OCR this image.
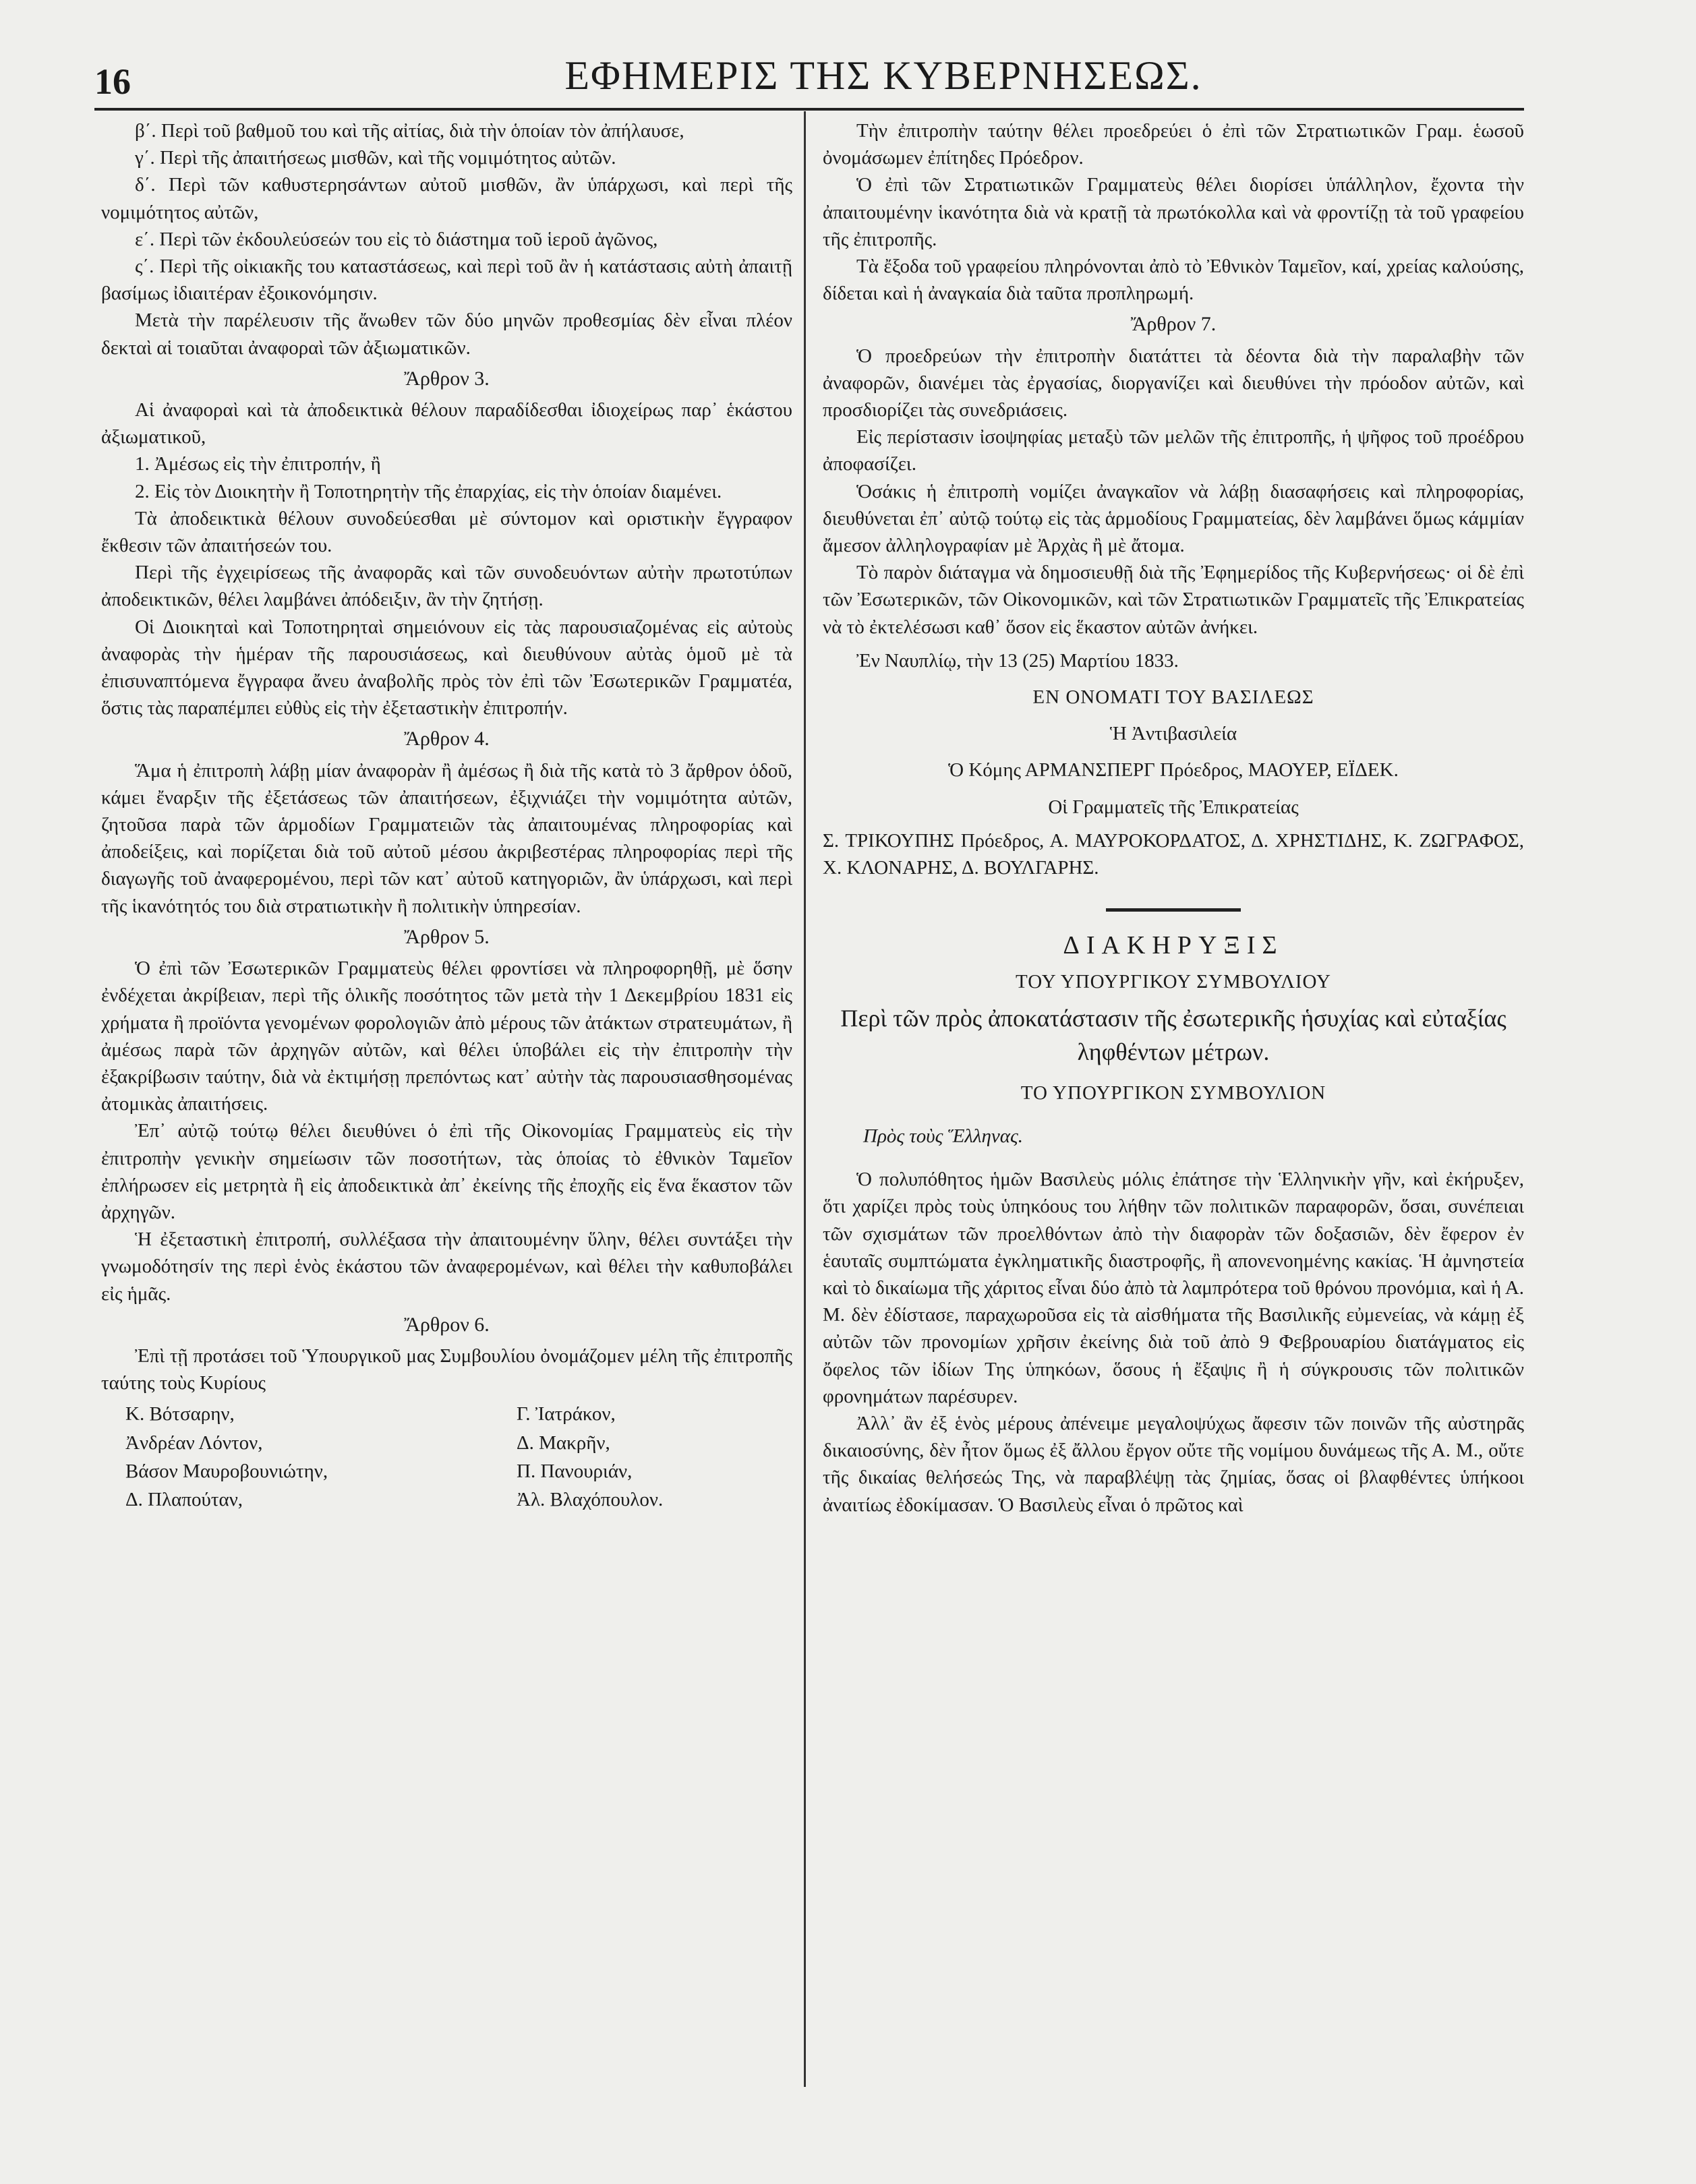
16	ΕΦΗΜΕΡΙΣ ΤΗΣ ΚΥΒΕΡΝΗΣΕΩΣ.

β΄. Περὶ τοῦ βαθμοῦ του καὶ τῆς αἰτίας, διὰ τὴν ὁποίαν τὸν ἀπήλαυσε,

γ΄. Περὶ τῆς ἀπαιτήσεως μισθῶν, καὶ τῆς νομιμότητος αὐτῶν.

δ΄. Περὶ τῶν καθυστερησάντων αὐτοῦ μισθῶν, ἂν ὑπάρχωσι, καὶ περὶ τῆς νομιμότητος αὐτῶν,

ε΄. Περὶ τῶν ἐκδουλεύσεών του εἰς τὸ διάστημα τοῦ ἱεροῦ ἀγῶνος,

ς΄. Περὶ τῆς οἰκιακῆς του καταστάσεως, καὶ περὶ τοῦ ἂν ἡ κατάστασις αὐτὴ ἀπαιτῇ βασίμως ἰδιαιτέραν ἐξοικονόμησιν.

Μετὰ τὴν παρέλευσιν τῆς ἄνωθεν τῶν δύο μηνῶν προθεσμίας δὲν εἶναι πλέον δεκταὶ αἱ τοιαῦται ἀναφοραὶ τῶν ἀξιωματικῶν.

Ἄρθρον 3.

Αἱ ἀναφοραὶ καὶ τὰ ἀποδεικτικὰ θέλουν παραδίδεσθαι ἰδιοχείρως παρ᾽ ἑκάστου ἀξιωματικοῦ,

1. Ἀμέσως εἰς τὴν ἐπιτροπήν, ἢ

2. Εἰς τὸν Διοικητὴν ἢ Τοποτηρητὴν τῆς ἐπαρχίας, εἰς τὴν ὁποίαν διαμένει.

Τὰ ἀποδεικτικὰ θέλουν συνοδεύεσθαι μὲ σύντομον καὶ οριστικὴν ἔγγραφον ἔκθεσιν τῶν ἀπαιτήσεών του.

Περὶ τῆς ἐγχειρίσεως τῆς ἀναφορᾶς καὶ τῶν συνοδευόντων αὐτὴν πρωτοτύπων ἀποδεικτικῶν, θέλει λαμβάνει ἀπόδειξιν, ἂν τὴν ζητήσῃ.

Οἱ Διοικηταὶ καὶ Τοποτηρηταὶ σημειόνουν εἰς τὰς παρουσιαζομένας εἰς αὐτοὺς ἀναφορὰς τὴν ἡμέραν τῆς παρουσιάσεως, καὶ διευθύνουν αὐτὰς ὁμοῦ μὲ τὰ ἐπισυναπτόμενα ἔγγραφα ἄνευ ἀναβολῆς πρὸς τὸν ἐπὶ τῶν Ἐσωτερικῶν Γραμματέα, ὅστις τὰς παραπέμπει εὐθὺς εἰς τὴν ἐξεταστικὴν ἐπιτροπήν.

Ἄρθρον 4.

Ἅμα ἡ ἐπιτροπὴ λάβῃ μίαν ἀναφορὰν ἢ ἀμέσως ἢ διὰ τῆς κατὰ τὸ 3 ἄρθρον ὁδοῦ, κάμει ἔναρξιν τῆς ἐξετάσεως τῶν ἀπαιτήσεων, ἐξιχνιάζει τὴν νομιμότητα αὐτῶν, ζητοῦσα παρὰ τῶν ἁρμοδίων Γραμματειῶν τὰς ἀπαιτουμένας πληροφορίας καὶ ἀποδείξεις, καὶ πορίζεται διὰ τοῦ αὐτοῦ μέσου ἀκριβεστέρας πληροφορίας περὶ τῆς διαγωγῆς τοῦ ἀναφερομένου, περὶ τῶν κατ᾽ αὐτοῦ κατηγοριῶν, ἂν ὑπάρχωσι, καὶ περὶ τῆς ἱκανότητός του διὰ στρατιωτικὴν ἢ πολιτικὴν ὑπηρεσίαν.

Ἄρθρον 5.

Ὁ ἐπὶ τῶν Ἐσωτερικῶν Γραμματεὺς θέλει φροντίσει νὰ πληροφορηθῇ, μὲ ὅσην ἐνδέχεται ἀκρίβειαν, περὶ τῆς ὁλικῆς ποσότητος τῶν μετὰ τὴν 1 Δεκεμβρίου 1831 εἰς χρήματα ἢ προϊόντα γενομένων φορολογιῶν ἀπὸ μέρους τῶν ἀτάκτων στρατευμάτων, ἢ ἀμέσως παρὰ τῶν ἀρχηγῶν αὐτῶν, καὶ θέλει ὑποβάλει εἰς τὴν ἐπιτροπὴν τὴν ἐξακρίβωσιν ταύτην, διὰ νὰ ἐκτιμήσῃ πρεπόντως κατ᾽ αὐτὴν τὰς παρουσιασθησομένας ἀτομικὰς ἀπαιτήσεις.

Ἐπ᾽ αὐτῷ τούτῳ θέλει διευθύνει ὁ ἐπὶ τῆς Οἰκονομίας Γραμματεὺς εἰς τὴν ἐπιτροπὴν γενικὴν σημείωσιν τῶν ποσοτήτων, τὰς ὁποίας τὸ ἐθνικὸν Ταμεῖον ἐπλήρωσεν εἰς μετρητὰ ἢ εἰς ἀποδεικτικὰ ἀπ᾽ ἐκείνης τῆς ἐποχῆς εἰς ἕνα ἕκαστον τῶν ἀρχηγῶν.

Ἡ ἐξεταστικὴ ἐπιτροπή, συλλέξασα τὴν ἀπαιτουμένην ὕλην, θέλει συντάξει τὴν γνωμοδότησίν της περὶ ἑνὸς ἑκάστου τῶν ἀναφερομένων, καὶ θέλει τὴν καθυποβάλει εἰς ἡμᾶς.

Ἄρθρον 6.

Ἐπὶ τῇ προτάσει τοῦ Ὑπουργικοῦ μας Συμβουλίου ὀνομάζομεν μέλη τῆς ἐπιτροπῆς ταύτης τοὺς Κυρίους

Κ. Βότσαρην,	Γ. Ἰατράκον,
Ἀνδρέαν Λόντον,	Δ. Μακρῆν,
Βάσον Μαυροβουνιώτην,	Π. Πανουριάν,
Δ. Πλαπούταν,	Ἀλ. Βλαχόπουλον.

Τὴν ἐπιτροπὴν ταύτην θέλει προεδρεύει ὁ ἐπὶ τῶν Στρατιωτικῶν Γραμ. ἑωσοῦ ὀνομάσωμεν ἐπίτηδες Πρόεδρον.

Ὁ ἐπὶ τῶν Στρατιωτικῶν Γραμματεὺς θέλει διορίσει ὑπάλληλον, ἔχοντα τὴν ἀπαιτουμένην ἱκανότητα διὰ νὰ κρατῇ τὰ πρωτόκολλα καὶ νὰ φροντίζῃ τὰ τοῦ γραφείου τῆς ἐπιτροπῆς.

Τὰ ἔξοδα τοῦ γραφείου πληρόνονται ἀπὸ τὸ Ἐθνικὸν Ταμεῖον, καί, χρείας καλούσης, δίδεται καὶ ἡ ἀναγκαία διὰ ταῦτα προπληρωμή.

Ἄρθρον 7.

Ὁ προεδρεύων τὴν ἐπιτροπὴν διατάττει τὰ δέοντα διὰ τὴν παραλαβὴν τῶν ἀναφορῶν, διανέμει τὰς ἐργασίας, διοργανίζει καὶ διευθύνει τὴν πρόοδον αὐτῶν, καὶ προσδιορίζει τὰς συνεδριάσεις.

Εἰς περίστασιν ἰσοψηφίας μεταξὺ τῶν μελῶν τῆς ἐπιτροπῆς, ἡ ψῆφος τοῦ προέδρου ἀποφασίζει.

Ὁσάκις ἡ ἐπιτροπὴ νομίζει ἀναγκαῖον νὰ λάβῃ διασαφήσεις καὶ πληροφορίας, διευθύνεται ἐπ᾽ αὐτῷ τούτῳ εἰς τὰς ἁρμοδίους Γραμματείας, δὲν λαμβάνει ὅμως κάμμίαν ἄμεσον ἀλληλογραφίαν μὲ Ἀρχὰς ἢ μὲ ἄτομα.

Τὸ παρὸν διάταγμα νὰ δημοσιευθῇ διὰ τῆς Ἐφημερίδος τῆς Κυβερνήσεως· οἱ δὲ ἐπὶ τῶν Ἐσωτερικῶν, τῶν Οἰκονομικῶν, καὶ τῶν Στρατιωτικῶν Γραμματεῖς τῆς Ἐπικρατείας νὰ τὸ ἐκτελέσωσι καθ᾽ ὅσον εἰς ἕκαστον αὐτῶν ἀνήκει.

Ἐν Ναυπλίῳ, τὴν 13 (25) Μαρτίου 1833.

ΕΝ ΟΝΟΜΑΤΙ ΤΟΥ ΒΑΣΙΛΕΩΣ
Ἡ Ἀντιβασιλεία
Ὁ Κόμης ΑΡΜΑΝΣΠΕΡΓ Πρόεδρος, ΜΑΟΥΕΡ, ΕΪΔΕΚ.
Οἱ Γραμματεῖς τῆς Ἐπικρατείας

Σ. ΤΡΙΚΟΥΠΗΣ Πρόεδρος, Α. ΜΑΥΡΟΚΟΡΔΑΤΟΣ, Δ. ΧΡΗΣΤΙΔΗΣ, Κ. ΖΩΓΡΑΦΟΣ, Χ. ΚΛΟΝΑΡΗΣ, Δ. ΒΟΥΛΓΑΡΗΣ.

ΔΙΑΚΗΡΥΞΙΣ
ΤΟΥ ΥΠΟΥΡΓΙΚΟΥ ΣΥΜΒΟΥΛΙΟΥ
Περὶ τῶν πρὸς ἀποκατάστασιν τῆς ἐσωτερικῆς ἡσυχίας καὶ εὐταξίας ληφθέντων μέτρων.
ΤΟ ΥΠΟΥΡΓΙΚΟΝ ΣΥΜΒΟΥΛΙΟΝ

Πρὸς τοὺς Ἕλληνας.

Ὁ πολυπόθητος ἡμῶν Βασιλεὺς μόλις ἐπάτησε τὴν Ἑλληνικὴν γῆν, καὶ ἐκήρυξεν, ὅτι χαρίζει πρὸς τοὺς ὑπηκόους του λήθην τῶν πολιτικῶν παραφορῶν, ὅσαι, συνέπειαι τῶν σχισμάτων τῶν προελθόντων ἀπὸ τὴν διαφορὰν τῶν δοξασιῶν, δὲν ἔφερον ἐν ἑαυταῖς συμπτώματα ἐγκληματικῆς διαστροφῆς, ἢ απονενοημένης κακίας. Ἡ ἀμνηστεία καὶ τὸ δικαίωμα τῆς χάριτος εἶναι δύο ἀπὸ τὰ λαμπρότερα τοῦ θρόνου προνόμια, καὶ ἡ Α. Μ. δὲν ἐδίστασε, παραχωροῦσα εἰς τὰ αἰσθήματα τῆς Βασιλικῆς εὐμενείας, νὰ κάμῃ ἐξ αὐτῶν τῶν προνομίων χρῆσιν ἐκείνης διὰ τοῦ ἀπὸ 9 Φεβρουαρίου διατάγματος εἰς ὄφελος τῶν ἰδίων Της ὑπηκόων, ὅσους ἡ ἔξαψις ἢ ἡ σύγκρουσις τῶν πολιτικῶν φρονημάτων παρέσυρεν.

Ἀλλ᾽ ἂν ἐξ ἑνὸς μέρους ἀπένειμε μεγαλοψύχως ἄφεσιν τῶν ποινῶν τῆς αὐστηρᾶς δικαιοσύνης, δὲν ἦτον ὅμως ἐξ ἄλλου ἔργον οὔτε τῆς νομίμου δυνάμεως τῆς Α. Μ., οὔτε τῆς δικαίας θελήσεώς Της, νὰ παραβλέψῃ τὰς ζημίας, ὅσας οἱ βλαφθέντες ὑπήκοοι ἀναιτίως ἐδοκίμασαν. Ὁ Βασιλεὺς εἶναι ὁ πρῶτος καὶ
